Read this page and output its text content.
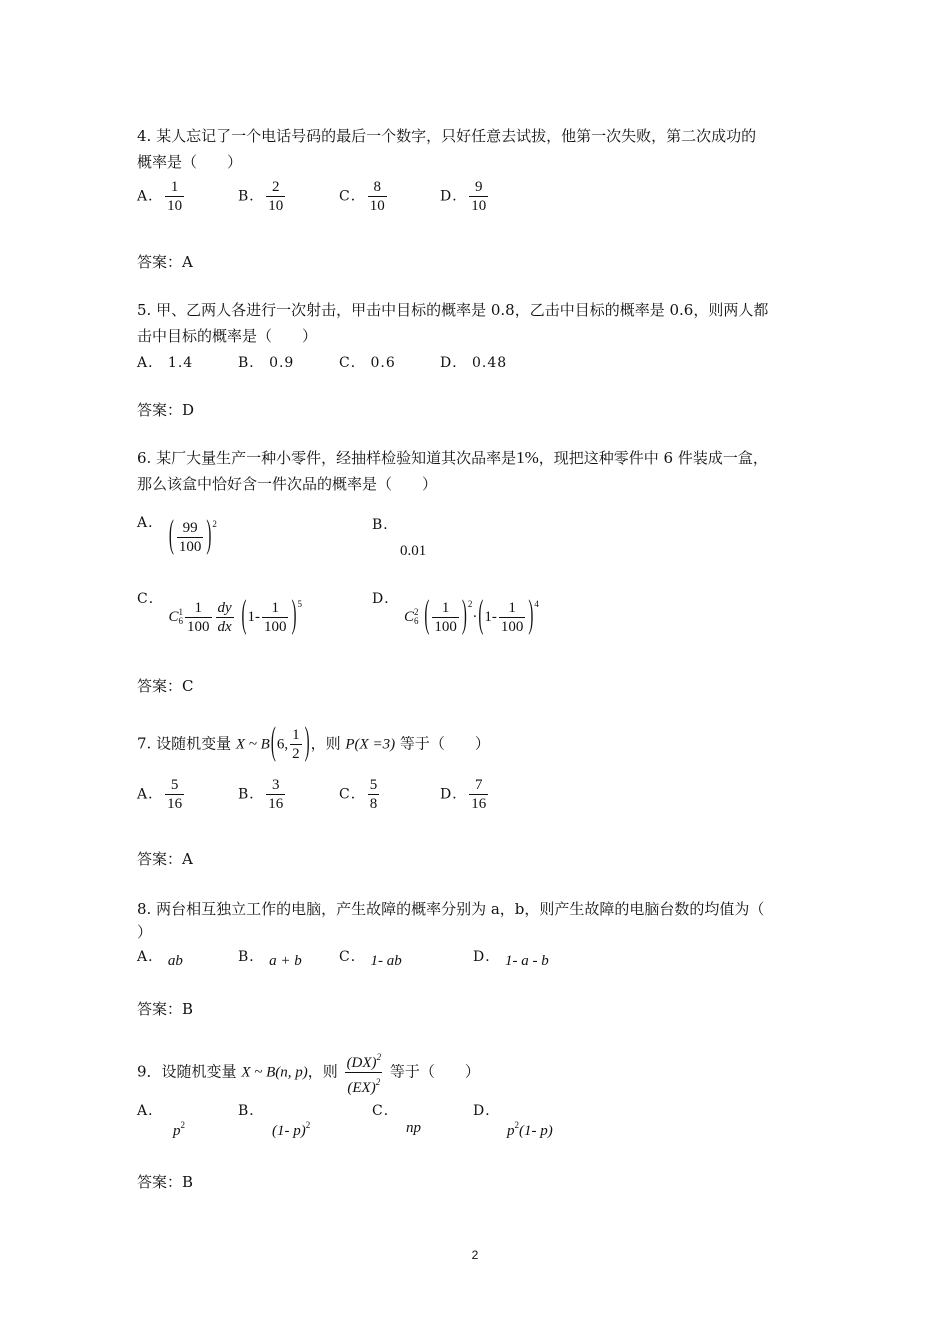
4. 某人忘记了一个电话号码的最后一个数字，只好任意去试拔，他第一次失败，第二次成功的
概率是（　　）
A． $\frac{1}{10}$	B． $\frac{2}{10}$	C． $\frac{8}{10}$	D． $\frac{9}{10}$
答案：A
5. 甲、乙两人各进行一次射击，甲击中目标的概率是 0.8，乙击中目标的概率是 0.6，则两人都
击中目标的概率是（　　）
A． 1.4	B． 0.9	C． 0.6	D． 0.48
答案：D
6. 某厂大量生产一种小零件，经抽样检验知道其次品率是1%，现把这种零件中 6 件装成一盒，
那么该盒中恰好含一件次品的概率是（　　）
A． ( $\frac{99}{100} )^2$	B．
0.01
C． C 1
$6 \frac{1}{100} \frac{dy}{dx} (1- \frac{1}{100} )^5$	D． C 2
6 ( $\frac{1}{100} )^2\cdot(1- \frac{1}{100} )^4$
答案：C
7. 设随机变量 X ~ B(6, $\frac{1}{2}$ )，则 P(X =3) 等于（　　）
A． $\frac{5}{16}$	B． $\frac{3}{16}$	C． $\frac{5}{8}$	D． $\frac{7}{16}$
答案：A
8. 两台相互独立工作的电脑，产生故障的概率分别为 a，b，则产生故障的电脑台数的均值为（
）
A． ab	B． a + b	C． 1- ab	D． 1- a - b
答案：B
9．设随机变量 X ~ B(n, p)，则 $\frac{(DX)^2}{(EX)^2}$ 等于（　　）
A．
$p^2$
B．
(1- p)$^2$
C．
np
D．
$p^2(1-$ p)
答案：B
2
